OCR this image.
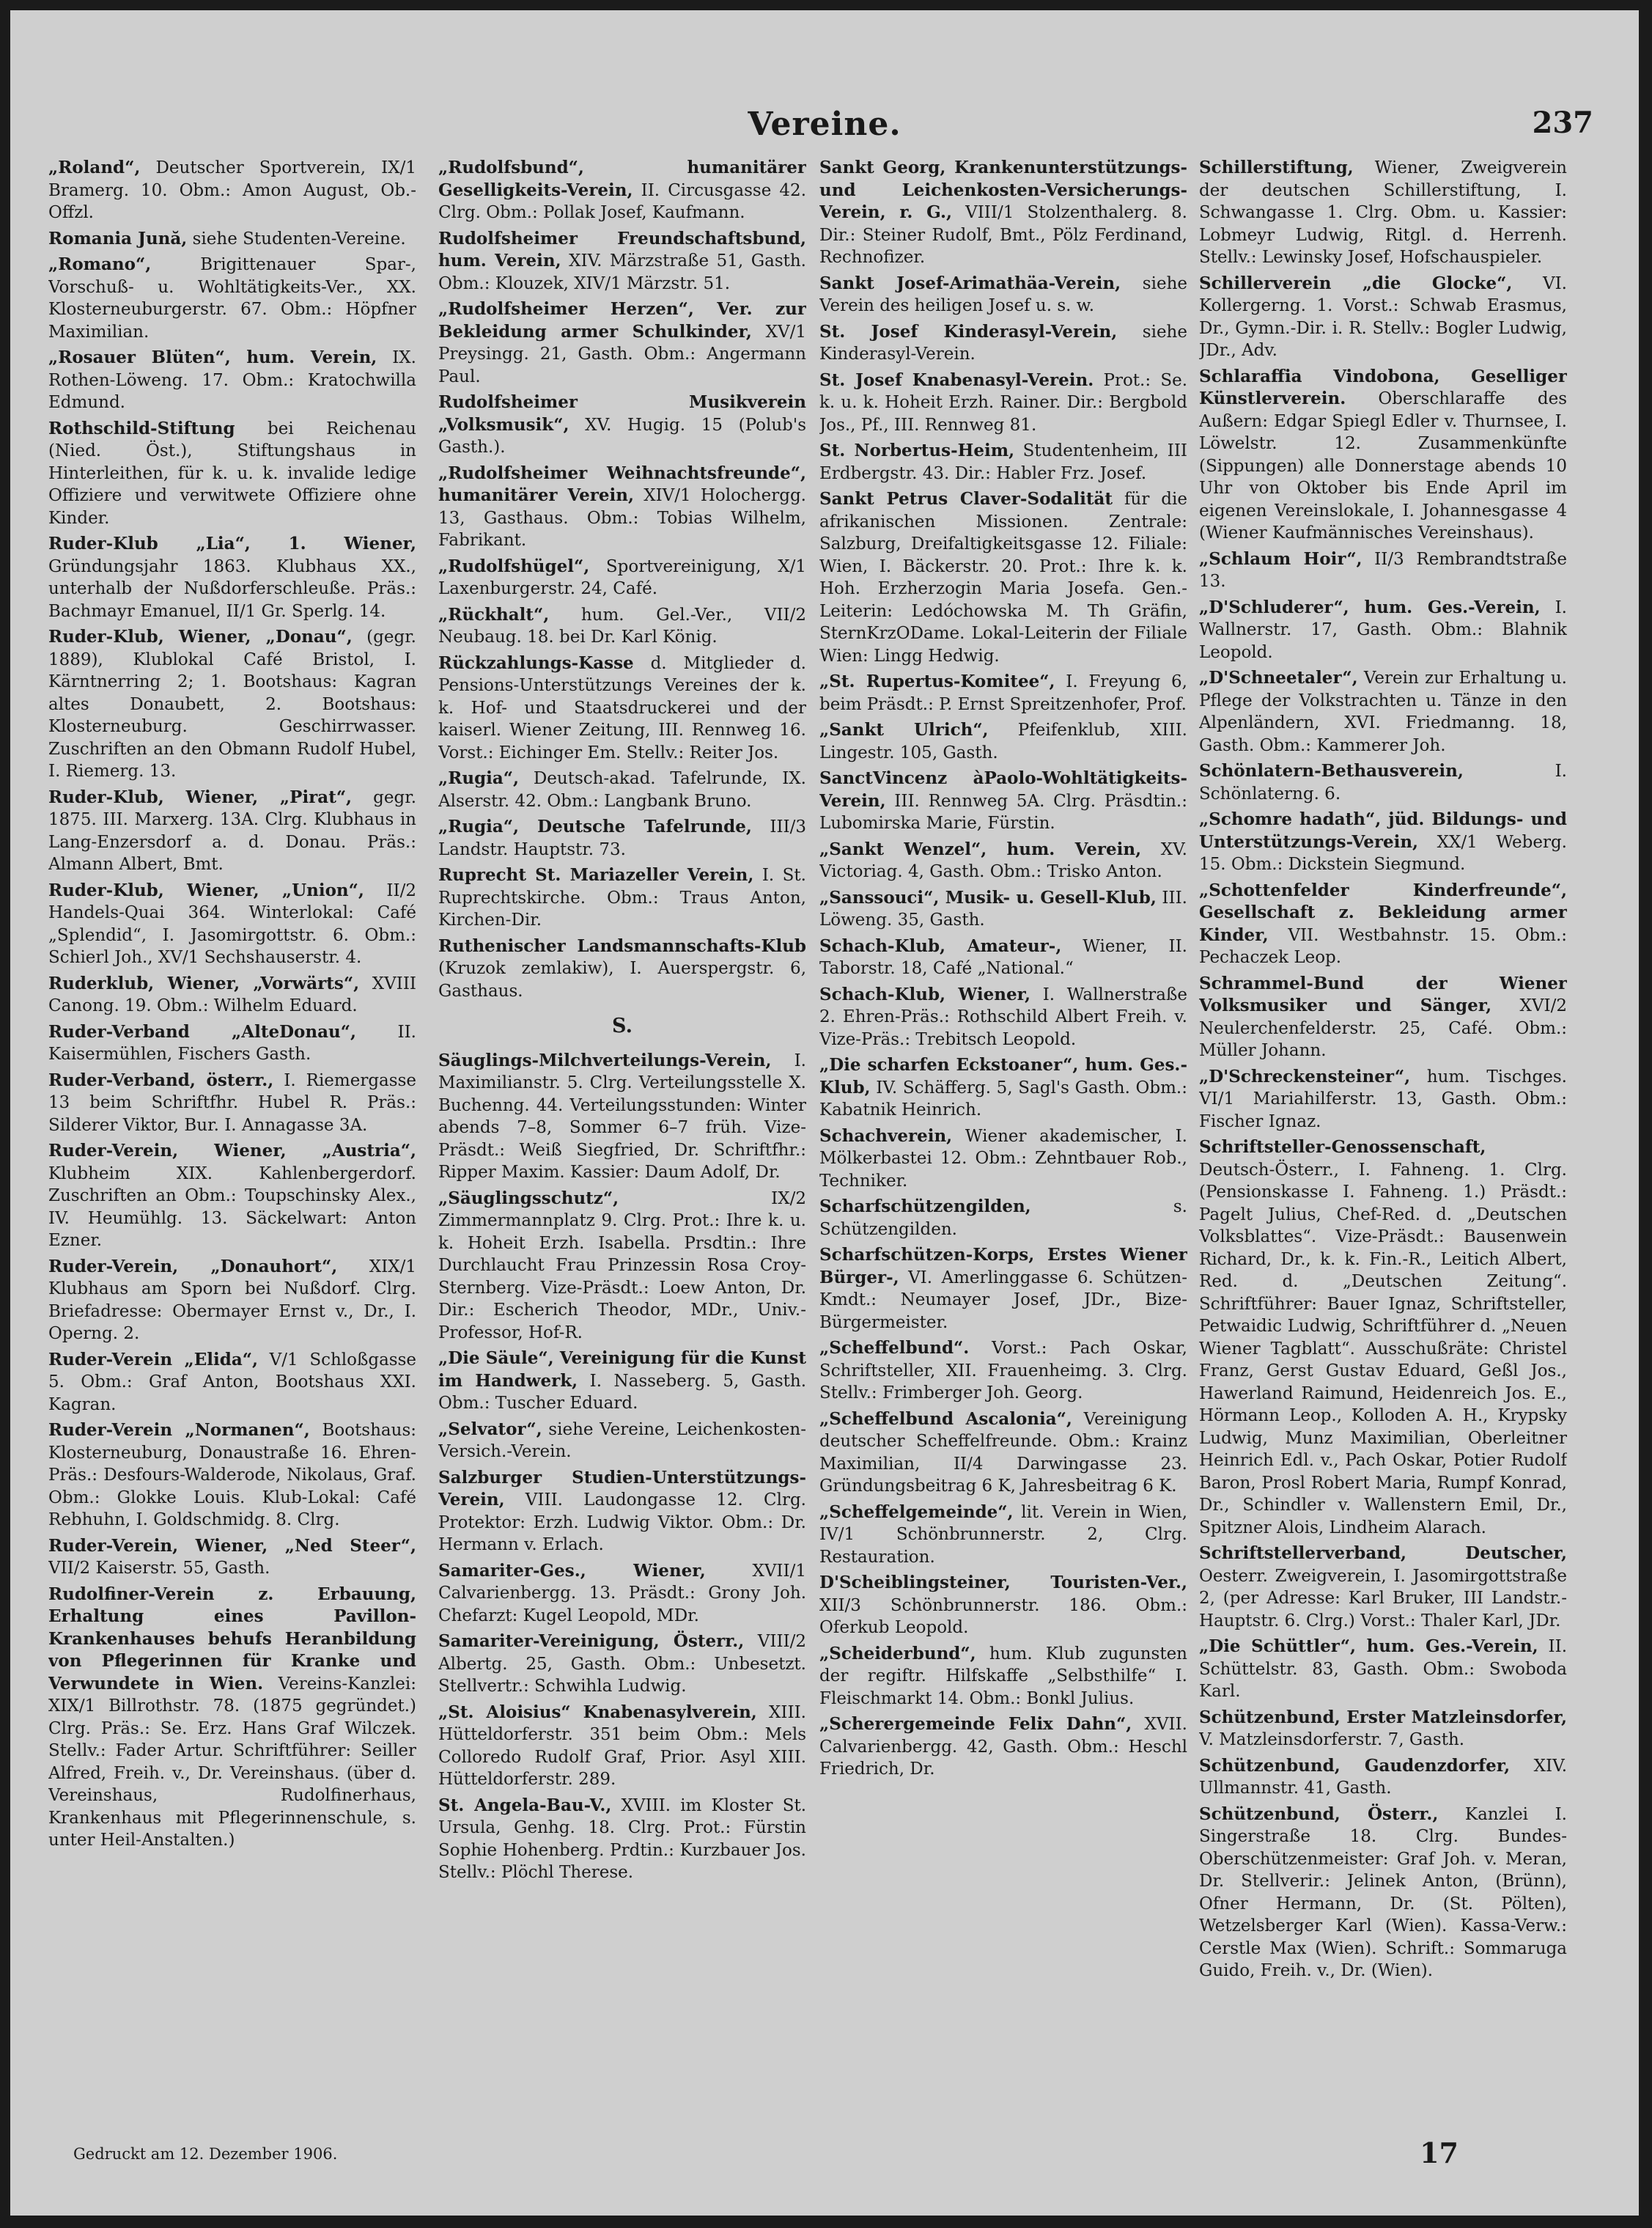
Vereine.	237
„Roland“, Deutscher Sportverein, IX/1 Bramerg. 10. Obm.: Amon August, Ob.-Offzl.
Romania Jună, siehe Studenten-Vereine.
„Romano“, Brigittenauer Spar-, Vorschuß- u. Wohltätigkeits-Ver., XX. Klosterneuburgerstr. 67. Obm.: Höpfner Maximilian.
„Rosauer Blüten“, hum. Verein, IX. Rothen-Löweng. 17. Obm.: Kratochwilla Edmund.
Rothschild-Stiftung bei Reichenau (Nied. Öst.), Stiftungshaus in Hinterleithen, für k. u. k. invalide ledige Offiziere und verwitwete Offiziere ohne Kinder.
Ruder-Klub „Lia“, 1. Wiener, Gründungsjahr 1863. Klubhaus XX., unterhalb der Nußdorferschleuße. Präs.: Bachmayr Emanuel, II/1 Gr. Sperlg. 14.
Ruder-Klub, Wiener, „Donau“, (gegr. 1889), Klublokal Café Bristol, I. Kärntnerring 2; 1. Bootshaus: Kagran altes Donaubett, 2. Bootshaus: Klosterneuburg. Geschirrwasser. Zuschriften an den Obmann Rudolf Hubel, I. Riemerg. 13.
Ruder-Klub, Wiener, „Pirat“, gegr. 1875. III. Marxerg. 13A. Clrg. Klubhaus in Lang-Enzersdorf a. d. Donau. Präs.: Almann Albert, Bmt.
Ruder-Klub, Wiener, „Union“, II/2 Handels-Quai 364. Winterlokal: Café „Splendid“, I. Jasomirgottstr. 6. Obm.: Schierl Joh., XV/1 Sechshauserstr. 4.
Ruderklub, Wiener, „Vorwärts“, XVIII Canong. 19. Obm.: Wilhelm Eduard.
Ruder-Verband „AlteDonau“, II. Kaisermühlen, Fischers Gasth.
Ruder-Verband, österr., I. Riemergasse 13 beim Schriftfhr. Hubel R. Präs.: Silderer Viktor, Bur. I. Annagasse 3A.
Ruder-Verein, Wiener, „Austria“, Klubheim XIX. Kahlenbergerdorf. Zuschriften an Obm.: Toupschinsky Alex., IV. Heumühlg. 13. Säckelwart: Anton Ezner.
Ruder-Verein, „Donauhort“, XIX/1 Klubhaus am Sporn bei Nußdorf. Clrg. Briefadresse: Obermayer Ernst v., Dr., I. Operng. 2.
Ruder-Verein „Elida“, V/1 Schloßgasse 5. Obm.: Graf Anton, Bootshaus XXI. Kagran.
Ruder-Verein „Normanen“, Bootshaus: Klosterneuburg, Donaustraße 16. Ehren-Präs.: Desfours-Walderode, Nikolaus, Graf. Obm.: Glokke Louis. Klub-Lokal: Café Rebhuhn, I. Goldschmidg. 8. Clrg.
Ruder-Verein, Wiener, „Ned Steer“, VII/2 Kaiserstr. 55, Gasth.
Rudolfiner-Verein z. Erbauung, Erhaltung eines Pavillon-Krankenhauses behufs Heranbildung von Pflegerinnen für Kranke und Verwundete in Wien. Vereins-Kanzlei: XIX/1 Billrothstr. 78. (1875 gegründet.) Clrg. Präs.: Se. Erz. Hans Graf Wilczek. Stellv.: Fader Artur. Schriftführer: Seiller Alfred, Freih. v., Dr. Vereinshaus. (über d. Vereinshaus, Rudolfinerhaus, Krankenhaus mit Pflegerinnenschule, s. unter Heil-Anstalten.)
„Rudolfsbund“, humanitärer Geselligkeits-Verein, II. Circusgasse 42. Clrg. Obm.: Pollak Josef, Kaufmann.
Rudolfsheimer Freundschaftsbund, hum. Verein, XIV. Märzstraße 51, Gasth. Obm.: Klouzek, XIV/1 Märzstr. 51.
„Rudolfsheimer Herzen“, Ver. zur Bekleidung armer Schulkinder, XV/1 Preysingg. 21, Gasth. Obm.: Angermann Paul.
Rudolfsheimer Musikverein „Volksmusik“, XV. Hugig. 15 (Polub's Gasth.).
„Rudolfsheimer Weihnachtsfreunde“, humanitärer Verein, XIV/1 Holochergg. 13, Gasthaus. Obm.: Tobias Wilhelm, Fabrikant.
„Rudolfshügel“, Sportvereinigung, X/1 Laxenburgerstr. 24, Café.
„Rückhalt“, hum. Gel.-Ver., VII/2 Neubaug. 18. bei Dr. Karl König.
Rückzahlungs-Kasse d. Mitglieder d. Pensions-Unterstützungs Vereines der k. k. Hof- und Staatsdruckerei und der kaiserl. Wiener Zeitung, III. Rennweg 16. Vorst.: Eichinger Em. Stellv.: Reiter Jos.
„Rugia“, Deutsch-akad. Tafelrunde, IX. Alserstr. 42. Obm.: Langbank Bruno.
„Rugia“, Deutsche Tafelrunde, III/3 Landstr. Hauptstr. 73.
Ruprecht St. Mariazeller Verein, I. St. Ruprechtskirche. Obm.: Traus Anton, Kirchen-Dir.
Ruthenischer Landsmannschafts-Klub (Kruzok zemlakiw), I. Auerspergstr. 6, Gasthaus.
S.
Säuglings-Milchverteilungs-Verein, I. Maximilianstr. 5. Clrg. Verteilungsstelle X. Buchenng. 44. Verteilungsstunden: Winter abends 7–8, Sommer 6–7 früh. Vize-Präsdt.: Weiß Siegfried, Dr. Schriftfhr.: Ripper Maxim. Kassier: Daum Adolf, Dr.
„Säuglingsschutz“, IX/2 Zimmermannplatz 9. Clrg. Prot.: Ihre k. u. k. Hoheit Erzh. Isabella. Prsdtin.: Ihre Durchlaucht Frau Prinzessin Rosa Croy-Sternberg. Vize-Präsdt.: Loew Anton, Dr. Dir.: Escherich Theodor, MDr., Univ.-Professor, Hof-R.
„Die Säule“, Vereinigung für die Kunst im Handwerk, I. Nasseberg. 5, Gasth. Obm.: Tuscher Eduard.
„Selvator“, siehe Vereine, Leichenkosten-Versich.-Verein.
Salzburger Studien-Unterstützungs-Verein, VIII. Laudongasse 12. Clrg. Protektor: Erzh. Ludwig Viktor. Obm.: Dr. Hermann v. Erlach.
Samariter-Ges., Wiener, XVII/1 Calvarienbergg. 13. Präsdt.: Grony Joh. Chefarzt: Kugel Leopold, MDr.
Samariter-Vereinigung, Österr., VIII/2 Albertg. 25, Gasth. Obm.: Unbesetzt. Stellvertr.: Schwihla Ludwig.
„St. Aloisius“ Knabenasylverein, XIII. Hütteldorferstr. 351 beim Obm.: Mels Colloredo Rudolf Graf, Prior. Asyl XIII. Hütteldorferstr. 289.
St. Angela-Bau-V., XVIII. im Kloster St. Ursula, Genhg. 18. Clrg. Prot.: Fürstin Sophie Hohenberg. Prdtin.: Kurzbauer Jos. Stellv.: Plöchl Therese.
Sankt Georg, Krankenunterstützungs- und Leichenkosten-Versicherungs-Verein, r. G., VIII/1 Stolzenthalerg. 8. Dir.: Steiner Rudolf, Bmt., Pölz Ferdinand, Rechnofizer.
Sankt Josef-Arimathäa-Verein, siehe Verein des heiligen Josef u. s. w.
St. Josef Kinderasyl-Verein, siehe Kinderasyl-Verein.
St. Josef Knabenasyl-Verein. Prot.: Se. k. u. k. Hoheit Erzh. Rainer. Dir.: Bergbold Jos., Pf., III. Rennweg 81.
St. Norbertus-Heim, Studentenheim, III Erdbergstr. 43. Dir.: Habler Frz. Josef.
Sankt Petrus Claver-Sodalität für die afrikanischen Missionen. Zentrale: Salzburg, Dreifaltigkeitsgasse 12. Filiale: Wien, I. Bäckerstr. 20. Prot.: Ihre k. k. Hoh. Erzherzogin Maria Josefa. Gen.-Leiterin: Ledóchowska M. Th Gräfin, SternKrzODame. Lokal-Leiterin der Filiale Wien: Lingg Hedwig.
„St. Rupertus-Komitee“, I. Freyung 6, beim Präsdt.: P. Ernst Spreitzenhofer, Prof.
„Sankt Ulrich“, Pfeifenklub, XIII. Lingestr. 105, Gasth.
SanctVincenz àPaolo-Wohltätigkeits-Verein, III. Rennweg 5A. Clrg. Präsdtin.: Lubomirska Marie, Fürstin.
„Sankt Wenzel“, hum. Verein, XV. Victoriag. 4, Gasth. Obm.: Trisko Anton.
„Sanssouci“, Musik- u. Gesell-Klub, III. Löweng. 35, Gasth.
Schach-Klub, Amateur-, Wiener, II. Taborstr. 18, Café „National.“
Schach-Klub, Wiener, I. Wallnerstraße 2. Ehren-Präs.: Rothschild Albert Freih. v. Vize-Präs.: Trebitsch Leopold.
„Die scharfen Eckstoaner“, hum. Ges.-Klub, IV. Schäfferg. 5, Sagl's Gasth. Obm.: Kabatnik Heinrich.
Schachverein, Wiener akademischer, I. Mölkerbastei 12. Obm.: Zehntbauer Rob., Techniker.
Scharfschützengilden, s. Schützengilden.
Scharfschützen-Korps, Erstes Wiener Bürger-, VI. Amerlinggasse 6. Schützen-Kmdt.: Neumayer Josef, JDr., Bize-Bürgermeister.
„Scheffelbund“. Vorst.: Pach Oskar, Schriftsteller, XII. Frauenheimg. 3. Clrg. Stellv.: Frimberger Joh. Georg.
„Scheffelbund Ascalonia“, Vereinigung deutscher Scheffelfreunde. Obm.: Krainz Maximilian, II/4 Darwingasse 23. Gründungsbeitrag 6 K, Jahresbeitrag 6 K.
„Scheffelgemeinde“, lit. Verein in Wien, IV/1 Schönbrunnerstr. 2, Clrg. Restauration.
D'Scheiblingsteiner, Touristen-Ver., XII/3 Schönbrunnerstr. 186. Obm.: Oferkub Leopold.
„Scheiderbund“, hum. Klub zugunsten der regiftr. Hilfskaffe „Selbsthilfe“ I. Fleischmarkt 14. Obm.: Bonkl Julius.
„Scherergemeinde Felix Dahn“, XVII. Calvarienbergg. 42, Gasth. Obm.: Heschl Friedrich, Dr.
Schillerstiftung, Wiener, Zweigverein der deutschen Schillerstiftung, I. Schwangasse 1. Clrg. Obm. u. Kassier: Lobmeyr Ludwig, Ritgl. d. Herrenh. Stellv.: Lewinsky Josef, Hofschauspieler.
Schillerverein „die Glocke“, VI. Kollergerng. 1. Vorst.: Schwab Erasmus, Dr., Gymn.-Dir. i. R. Stellv.: Bogler Ludwig, JDr., Adv.
Schlaraffia Vindobona, Geselliger Künstlerverein. Oberschlaraffe des Außern: Edgar Spiegl Edler v. Thurnsee, I. Löwelstr. 12. Zusammenkünfte (Sippungen) alle Donnerstage abends 10 Uhr von Oktober bis Ende April im eigenen Vereinslokale, I. Johannesgasse 4 (Wiener Kaufmännisches Vereinshaus).
„Schlaum Hoir“, II/3 Rembrandtstraße 13.
„D'Schluderer“, hum. Ges.-Verein, I. Wallnerstr. 17, Gasth. Obm.: Blahnik Leopold.
„D'Schneetaler“, Verein zur Erhaltung u. Pflege der Volkstrachten u. Tänze in den Alpenländern, XVI. Friedmanng. 18, Gasth. Obm.: Kammerer Joh.
Schönlatern-Bethausverein, I. Schönlaterng. 6.
„Schomre hadath“, jüd. Bildungs- und Unterstützungs-Verein, XX/1 Weberg. 15. Obm.: Dickstein Siegmund.
„Schottenfelder Kinderfreunde“, Gesellschaft z. Bekleidung armer Kinder, VII. Westbahnstr. 15. Obm.: Pechaczek Leop.
Schrammel-Bund der Wiener Volksmusiker und Sänger, XVI/2 Neulerchenfelderstr. 25, Café. Obm.: Müller Johann.
„D'Schreckensteiner“, hum. Tischges. VI/1 Mariahilferstr. 13, Gasth. Obm.: Fischer Ignaz.
Schriftsteller-Genossenschaft, Deutsch-Österr., I. Fahneng. 1. Clrg. (Pensionskasse I. Fahneng. 1.) Präsdt.: Pagelt Julius, Chef-Red. d. „Deutschen Volksblattes“. Vize-Präsdt.: Bausenwein Richard, Dr., k. k. Fin.-R., Leitich Albert, Red. d. „Deutschen Zeitung“. Schriftführer: Bauer Ignaz, Schriftsteller, Petwaidic Ludwig, Schriftführer d. „Neuen Wiener Tagblatt“. Ausschußräte: Christel Franz, Gerst Gustav Eduard, Geßl Jos., Hawerland Raimund, Heidenreich Jos. E., Hörmann Leop., Kolloden A. H., Krypsky Ludwig, Munz Maximilian, Oberleitner Heinrich Edl. v., Pach Oskar, Potier Rudolf Baron, Prosl Robert Maria, Rumpf Konrad, Dr., Schindler v. Wallenstern Emil, Dr., Spitzner Alois, Lindheim Alarach.
Schriftstellerverband, Deutscher, Oesterr. Zweigverein, I. Jasomirgottstraße 2, (per Adresse: Karl Bruker, III Landstr.-Hauptstr. 6. Clrg.) Vorst.: Thaler Karl, JDr.
„Die Schüttler“, hum. Ges.-Verein, II. Schüttelstr. 83, Gasth. Obm.: Swoboda Karl.
Schützenbund, Erster Matzleinsdorfer, V. Matzleinsdorferstr. 7, Gasth.
Schützenbund, Gaudenzdorfer, XIV. Ullmannstr. 41, Gasth.
Schützenbund, Österr., Kanzlei I. Singerstraße 18. Clrg. Bundes-Oberschützenmeister: Graf Joh. v. Meran, Dr. Stellverir.: Jelinek Anton, (Brünn), Ofner Hermann, Dr. (St. Pölten), Wetzelsberger Karl (Wien). Kassa-Verw.: Cerstle Max (Wien). Schrift.: Sommaruga Guido, Freih. v., Dr. (Wien).
Gedruckt am 12. Dezember 1906.	17
